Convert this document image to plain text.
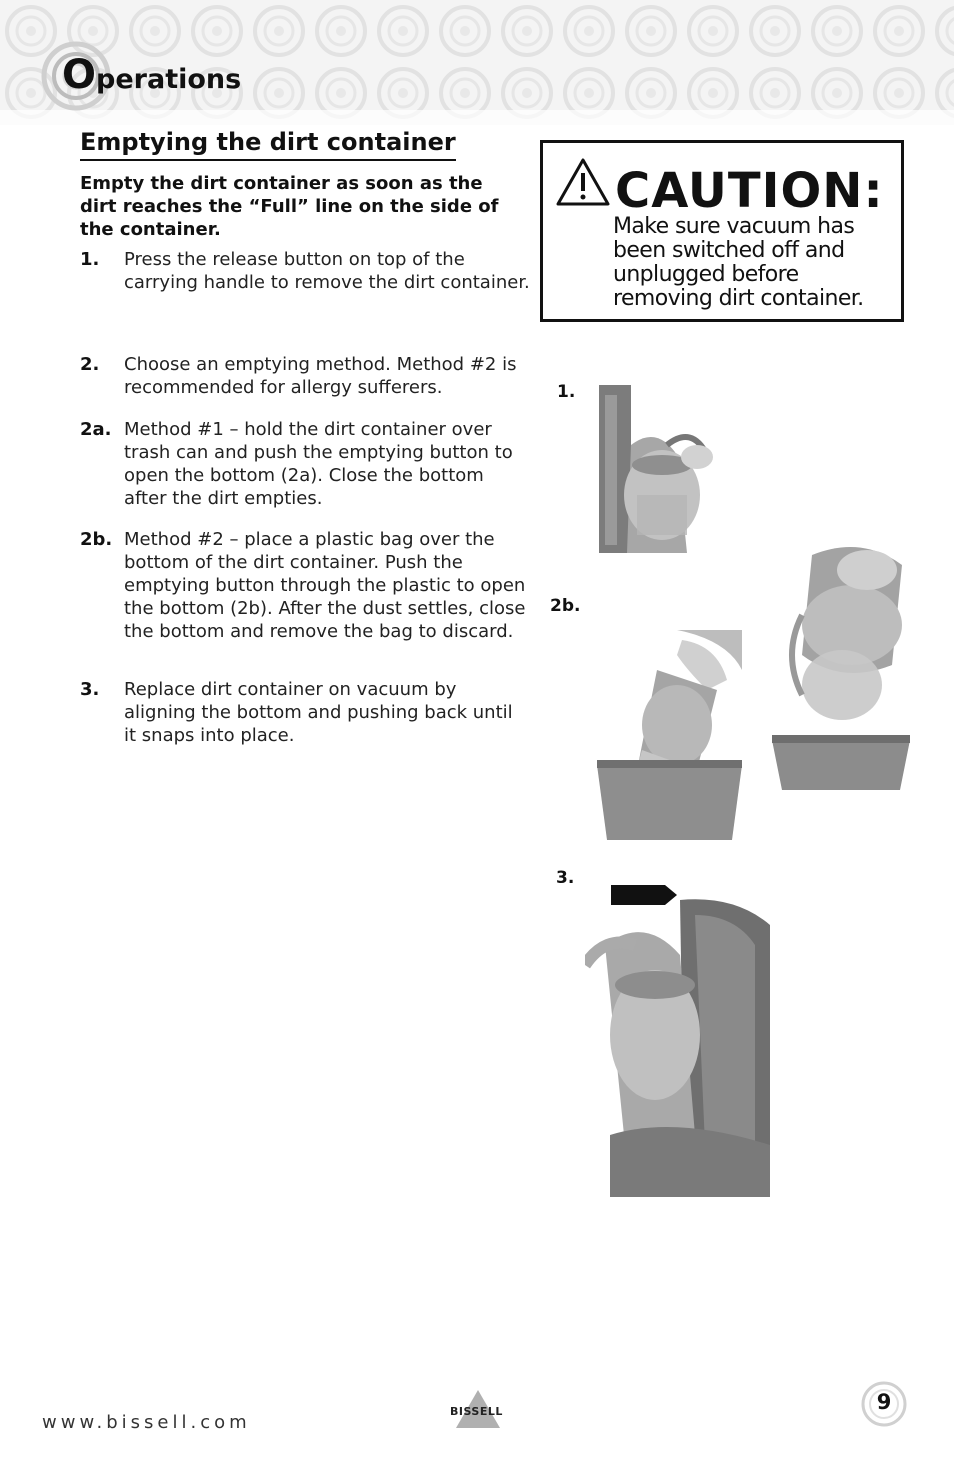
Operations
Emptying the dirt container

Empty the dirt container as soon as the dirt reaches the “Full” line on the side of the container.

1. Press the release button on top of the carrying handle to remove the dirt container.
2. Choose an emptying method. Method #2 is recommended for allergy sufferers.
2a. Method #1 – hold the dirt container over trash can and push the emptying button to open the bottom (2a). Close the bottom after the dirt empties.
2b. Method #2 – place a plastic bag over the bottom of the dirt container. Push the emptying button through the plastic to open the bottom (2b). After the dust settles, close the bottom and remove the bag to discard.
3. Replace dirt container on vacuum by aligning the bottom and pushing back until it snaps into place.
CAUTION:
Make sure vacuum has been switched off and unplugged before removing dirt container.
1.
2b.
3.
www.bissell.com
BISSELL	9
